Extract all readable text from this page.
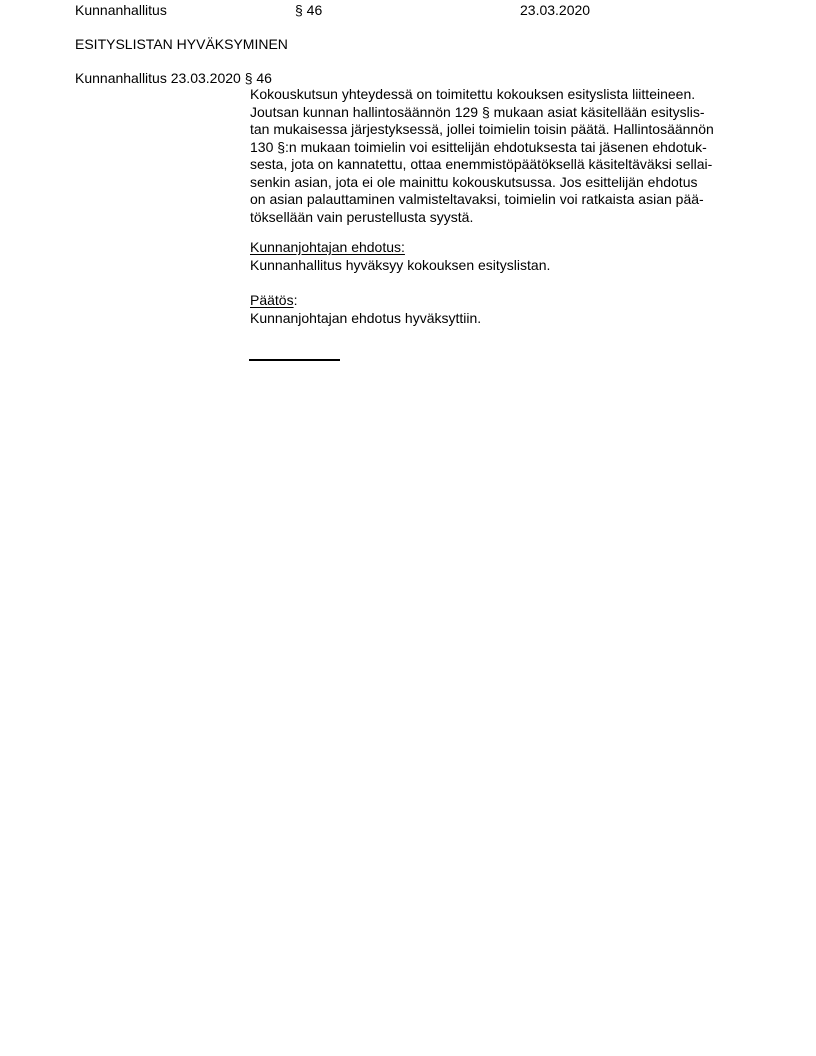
Kunnanhallitus	§ 46	23.03.2020
ESITYSLISTAN HYVÄKSYMINEN
Kunnanhallitus 23.03.2020 § 46
Kokouskutsun yhteydessä on toimitettu kokouksen esityslista liitteineen.
Joutsan kunnan hallintosäännön 129 § mukaan asiat käsitellään esityslis-
tan mukaisessa järjestyksessä, jollei toimielin toisin päätä. Hallintosäännön
130 §:n mukaan toimielin voi esittelijän ehdotuksesta tai jäsenen ehdotuk-
sesta, jota on kannatettu, ottaa enemmistöpäätöksellä käsiteltäväksi sellai-
senkin asian, jota ei ole mainittu kokouskutsussa. Jos esittelijän ehdotus
on asian palauttaminen valmisteltavaksi, toimielin voi ratkaista asian pää-
töksellään vain perustellusta syystä.
Kunnanjohtajan ehdotus:
Kunnanhallitus hyväksyy kokouksen esityslistan.
Päätös:
Kunnanjohtajan ehdotus hyväksyttiin.
